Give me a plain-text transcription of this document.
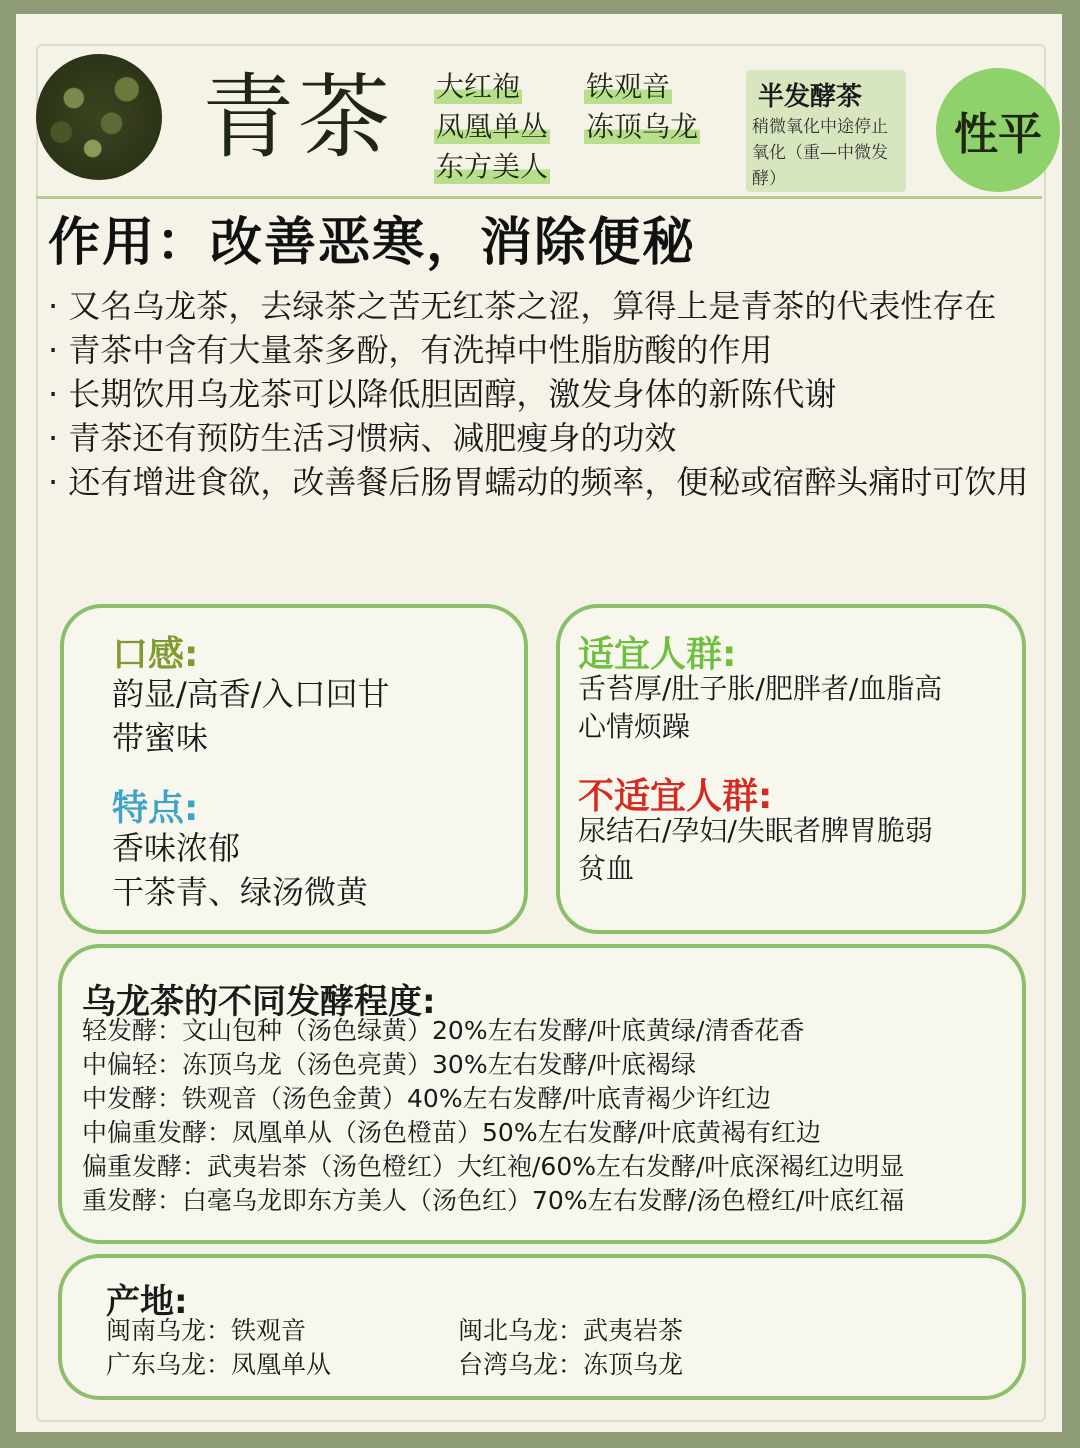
青茶 大红袍 铁观音
凤凰单丛 冻顶乌龙
东方美人
半发酵茶
稍微氧化中途停止氧化（重—中微发酵）
性平
作用：改善恶寒，消除便秘
· 又名乌龙茶，去绿茶之苦无红茶之涩，算得上是青茶的代表性存在
· 青茶中含有大量茶多酚，有洗掉中性脂肪酸的作用
· 长期饮用乌龙茶可以降低胆固醇，激发身体的新陈代谢
· 青茶还有预防生活习惯病、减肥瘦身的功效
· 还有增进食欲，改善餐后肠胃蠕动的频率，便秘或宿醉头痛时可饮用
口感:
韵显/高香/入口回甘
带蜜味
特点:
香味浓郁
干茶青、绿汤微黄
适宜人群:
舌苔厚/肚子胀/肥胖者/血脂高
心情烦躁
不适宜人群:
尿结石/孕妇/失眠者脾胃脆弱
贫血
乌龙茶的不同发酵程度:
轻发酵：文山包种（汤色绿黄）20%左右发酵/叶底黄绿/清香花香
中偏轻：冻顶乌龙（汤色亮黄）30%左右发酵/叶底褐绿
中发酵：铁观音（汤色金黄）40%左右发酵/叶底青褐少许红边
中偏重发酵：凤凰单从（汤色橙苗）50%左右发酵/叶底黄褐有红边
偏重发酵：武夷岩茶（汤色橙红）大红袍/60%左右发酵/叶底深褐红边明显
重发酵：白毫乌龙即东方美人（汤色红）70%左右发酵/汤色橙红/叶底红福
产地:
闽南乌龙：铁观音	闽北乌龙：武夷岩茶
广东乌龙：凤凰单从	台湾乌龙：冻顶乌龙
